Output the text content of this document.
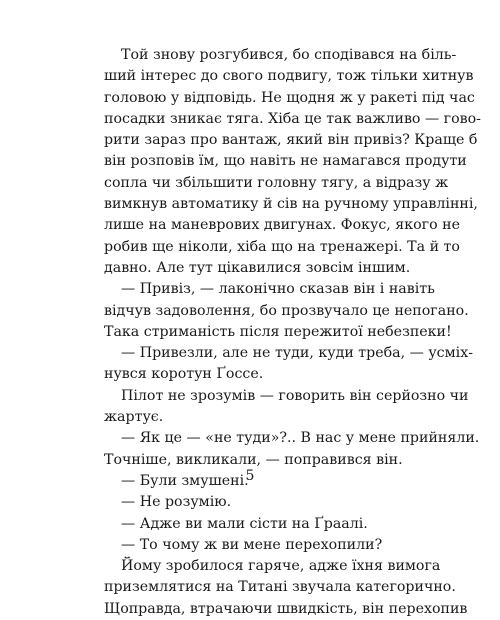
Той знову розгубився, бо сподівався на біль-
ший інтерес до свого подвигу, тож тільки хитнув
головою у відповідь. Не щодня ж у ракеті під час
посадки зникає тяга. Хіба це так важливо — гово-
рити зараз про вантаж, який він привіз? Краще б
він розповів їм, що навіть не намагався продути
сопла чи збільшити головну тягу, а відразу ж
вимкнув автоматику й сів на ручному управлінні,
лише на маневрових двигунах. Фокус, якого не
робив ще ніколи, хіба що на тренажері. Та й то
давно. Але тут цікавилися зовсім іншим.
— Привіз, — лаконічно сказав він і навіть
відчув задоволення, бо прозвучало це непогано.
Така стриманість після пережитої небезпеки!
— Привезли, але не туди, куди треба, — усміх-
нувся коротун Ґоссе.
Пілот не зрозумів — говорить він серйозно чи
жартує.
— Як це — «не туди»?.. В нас у мене прийняли.
Точніше, викликали, — поправився він.
— Були змушені.
— Не розумію.
— Адже ви мали сісти на Ґраалі.
— То чому ж ви мене перехопили?
Йому зробилося гаряче, адже їхня вимога
приземлятися на Титані звучала категорично.
Щоправда, втрачаючи швидкість, він перехопив
5
